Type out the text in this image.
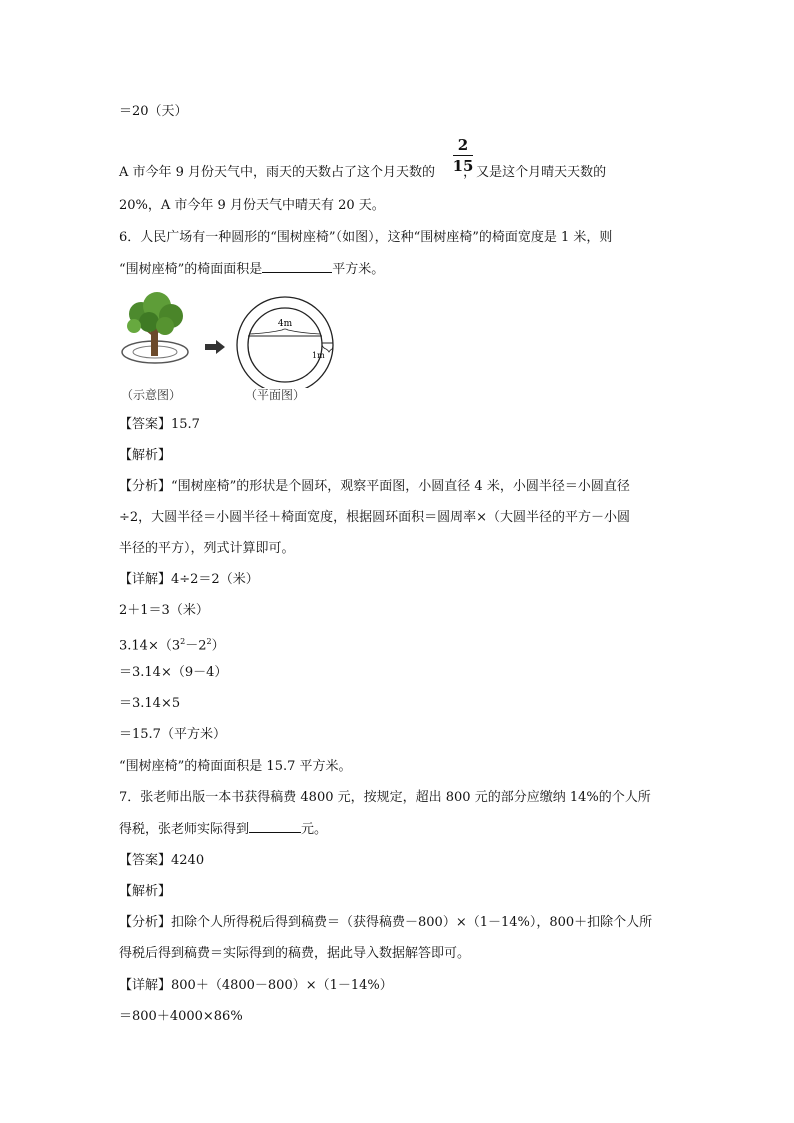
＝20（天）
A 市今年 9 月份天气中，雨天的天数占了这个月天数的 ，又是这个月晴天天数的
2
15
20%，A 市今年 9 月份天气中晴天有 20 天。
6．人民广场有一种圆形的“围树座椅”（如图），这种“围树座椅”的椅面宽度是 1 米，则
“围树座椅”的椅面面积是	平方米。
4m
1m
（示意图）	（平面图）
【答案】15.7
【解析】
【分析】“围树座椅”的形状是个圆环，观察平面图，小圆直径 4 米，小圆半径＝小圆直径
÷2，大圆半径＝小圆半径＋椅面宽度，根据圆环面积＝圆周率×（大圆半径的平方－小圆
半径的平方），列式计算即可。
【详解】4÷2＝2（米）
2＋1＝3（米）
$3.14\times(3^2-2^2)$
＝3.14×（9－4）
＝3.14×5
＝15.7（平方米）
“围树座椅”的椅面面积是 15.7 平方米。
7．张老师出版一本书获得稿费 4800 元，按规定，超出 800 元的部分应缴纳 14%的个人所
得税，张老师实际得到	元。
【答案】4240
【解析】
【分析】扣除个人所得税后得到稿费＝（获得稿费－800）×（1－14%），800＋扣除个人所
得税后得到稿费＝实际得到的稿费，据此导入数据解答即可。
【详解】800＋（4800－800）×（1－14%）
＝800＋4000×86%
